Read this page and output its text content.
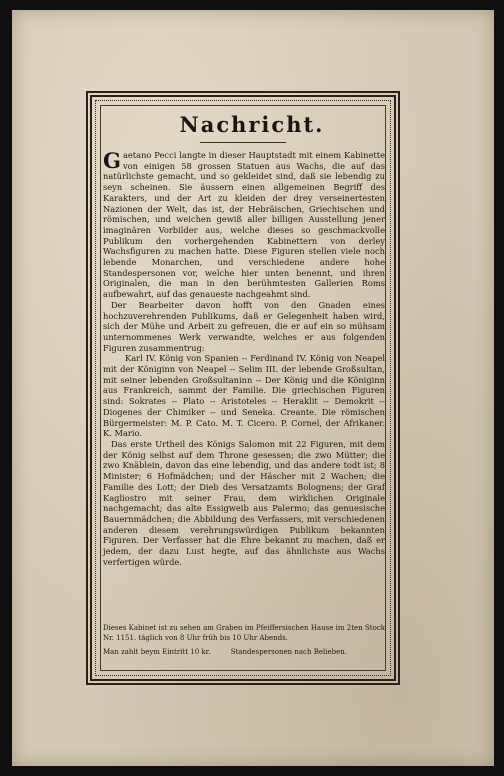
Nachricht.

Gaetano Pecci langte in dieser Hauptstadt mit einem Kabinette von einigen 58 grossen Statuen aus Wachs, die auf das natürlichste gemacht, und so gekleidet sind, daß sie lebendig zu seyn scheinen. Sie äussern einen allgemeinen Begriff des Karakters, und der Art zu kleiden der drey verseinertesten Nazionen der Welt, das ist, der Hebräischen, Griechischen und römischen, und weichen gewiß aller billigen Ausstellung jener imaginären Vorbilder aus, welche dieses so geschmackvolle Publikum den vorhergehenden Kabinettern von derley Wachsfiguren zu machen hatte. Diese Figuren stellen viele noch lebende Monarchen, und verschiedene andere hohe Standespersonen vor, welche hier unten benennt, und ihren Originalen, die man in den berühmtesten Gallerien Roms aufbewahrt, auf das genaueste nachgeahmt sind.

Der Bearbeiter davon hofft von den Gnaden eines hochzuverehrenden Publikums, daß er Gelegenheit haben wird, sich der Mühe und Arbeit zu gefreuen, die er auf ein so mühsam unternommenes Werk verwandte, welches er aus folgenden Figuren zusammentrug:

Karl IV. König von Spanien -- Ferdinand IV. König von Neapel mit der Königinn von Neapel -- Selim III. der lebende Großsultan, mit seiner lebenden Großsultaninn -- Der König und die Königinn aus Frankreich, sammt der Familie. Die griechischen Figuren sind: Sokrates -- Plato -- Aristoteles -- Heraklit -- Demokrit -- Diogenes der Chimiker -- und Seneka. Creante. Die römischen Bürgermeister: M. P. Cato. M. T. Cicero. P. Cornel, der Afrikaner. K. Mario.

Das erste Urtheil des Königs Salomon mit 22 Figuren, mit dem der König selbst auf dem Throne gesessen; die zwo Mütter; die zwo Knäblein, davon das eine lebendig, und das andere todt ist; 8 Minister; 6 Hofmädchen; und der Häscher mit 2 Wachen; die Familie des Lott; der Dieb des Versatzamts Bolognens; der Graf Kagliostro mit seiner Frau, dem wirklichen Originale nachgemacht; das alte Essigweib aus Palermo; das genuesische Bauernmädchen; die Abbildung des Verfassers, mit verschiedenen anderen diesem verehrungswürdigen Publikum bekannten Figuren. Der Verfasser hat die Ehre bekannt zu machen, daß er jedem, der dazu Lust hegte, auf das ähnlichste aus Wachs verfertigen würde.

Dieses Kabinet ist zu sehen am Graben im Pfeiffersischen Hause im 2ten Stock Nr. 1151. täglich von 8 Uhr früh bis 10 Uhr Abends.
Man zahlt beym Eintritt 10 kr.	Standespersonen nach Belieben.
